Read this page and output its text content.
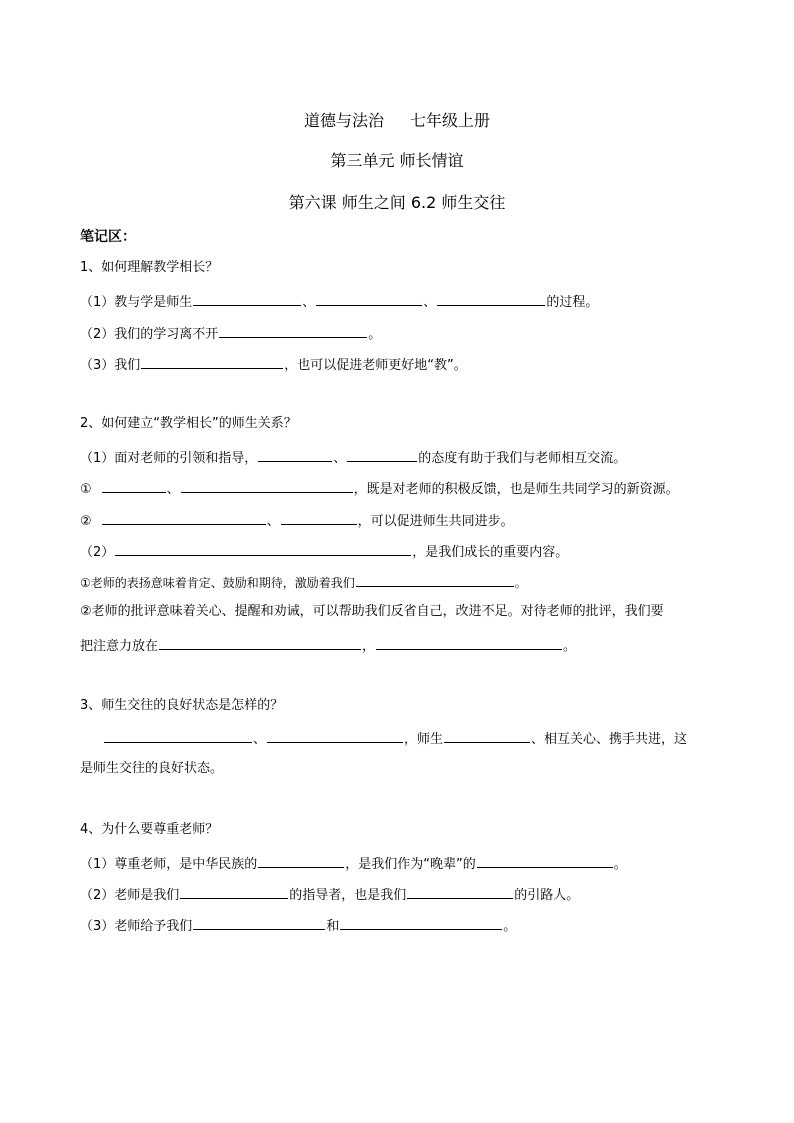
道德与法治 七年级上册
第三单元 师长情谊
第六课 师生之间 6.2 师生交往
笔记区：
1、如何理解教学相长？
（1）教与学是师生	、	、	的过程。
（2）我们的学习离不开	。
（3）我们	，也可以促进老师更好地“教”。
2、如何建立“教学相长”的师生关系？
（1）面对老师的引领和指导，	、	的态度有助于我们与老师相互交流。
①	、	，既是对老师的积极反馈，也是师生共同学习的新资源。
②	、	，可以促进师生共同进步。
（2）	，是我们成长的重要内容。
①老师的表扬意味着肯定、鼓励和期待，激励着我们	。
②老师的批评意味着关心、提醒和劝诫，可以帮助我们反省自己，改进不足。对待老师的批评，我们要
把注意力放在	，	。
3、师生交往的良好状态是怎样的？
、	，师生	、相互关心、携手共进，这
是师生交往的良好状态。
4、为什么要尊重老师？
（1）尊重老师，是中华民族的	，是我们作为“晚辈”的	。
（2）老师是我们	的指导者，也是我们	的引路人。
（3）老师给予我们	和	。
